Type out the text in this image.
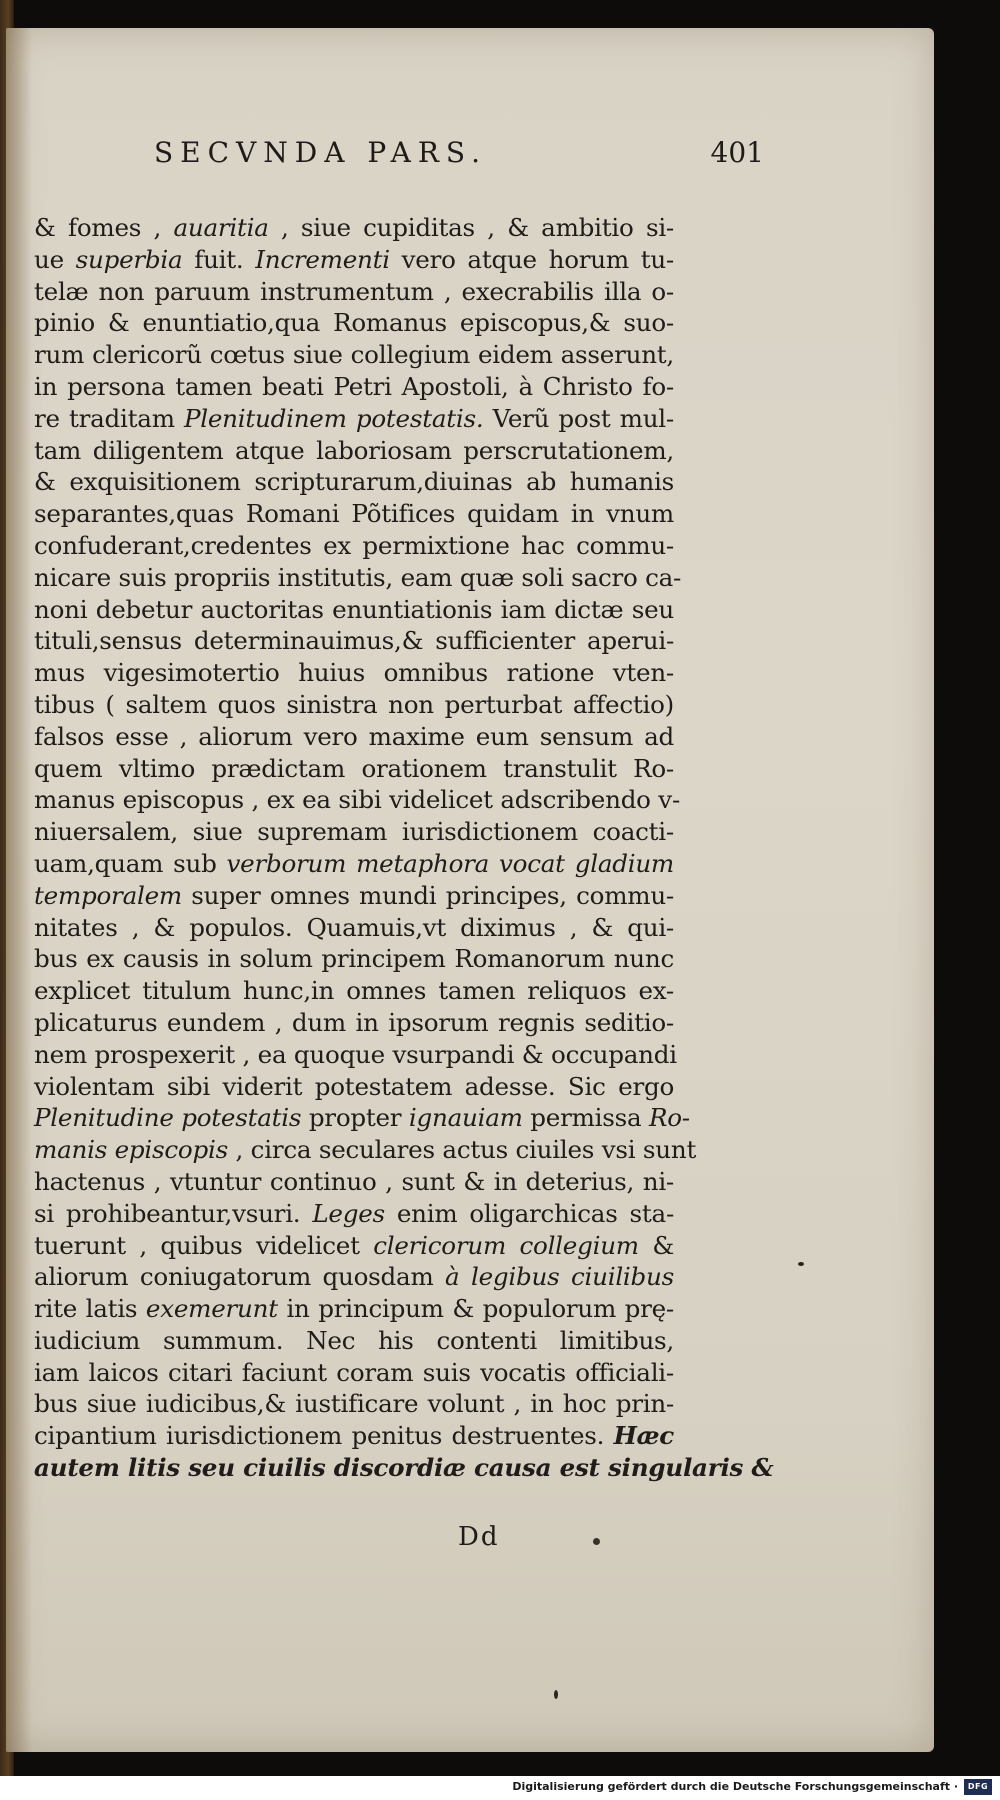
SECVNDA PARS.	401
& fomes , auaritia , siue cupiditas , & ambitio si-
ue superbia fuit. Incrementi vero atque horum tu-
telæ non paruum instrumentum , execrabilis illa o-
pinio & enuntiatio,qua Romanus episcopus,& suo-
rum clericorũ cœtus siue collegium eidem asserunt,
in persona tamen beati Petri Apostoli, à Christo fo-
re traditam Plenitudinem potestatis. Verũ post mul-
tam diligentem atque laboriosam perscrutationem,
& exquisitionem scripturarum,diuinas ab humanis
separantes,quas Romani Põtifices quidam in vnum
confuderant,credentes ex permixtione hac commu-
nicare suis propriis institutis, eam quæ soli sacro ca-
noni debetur auctoritas enuntiationis iam dictæ seu
tituli,sensus determinauimus,& sufficienter aperui-
mus vigesimotertio huius omnibus ratione vten-
tibus ( saltem quos sinistra non perturbat affectio)
falsos esse , aliorum vero maxime eum sensum ad
quem vltimo prædictam orationem transtulit Ro-
manus episcopus , ex ea sibi videlicet adscribendo v-
niuersalem, siue supremam iurisdictionem coacti-
uam,quam sub verborum metaphora vocat gladium
temporalem super omnes mundi principes, commu-
nitates , & populos. Quamuis,vt diximus , & qui-
bus ex causis in solum principem Romanorum nunc
explicet titulum hunc,in omnes tamen reliquos ex-
plicaturus eundem , dum in ipsorum regnis seditio-
nem prospexerit , ea quoque vsurpandi & occupandi
violentam sibi viderit potestatem adesse. Sic ergo
Plenitudine potestatis propter ignauiam permissa Ro-
manis episcopis , circa seculares actus ciuiles vsi sunt
hactenus , vtuntur continuo , sunt & in deterius, ni-
si prohibeantur,vsuri. Leges enim oligarchicas sta-
tuerunt , quibus videlicet clericorum collegium &
aliorum coniugatorum quosdam à legibus ciuilibus
rite latis exemerunt in principum & populorum prę-
iudicium summum. Nec his contenti limitibus,
iam laicos citari faciunt coram suis vocatis officiali-
bus siue iudicibus,& iustificare volunt , in hoc prin-
cipantium iurisdictionem penitus destruentes. Hæc
autem litis seu ciuilis discordiæ causa est singularis &
Dd
Digitalisierung gefördert durch die Deutsche Forschungsgemeinschaft ·	DFG
